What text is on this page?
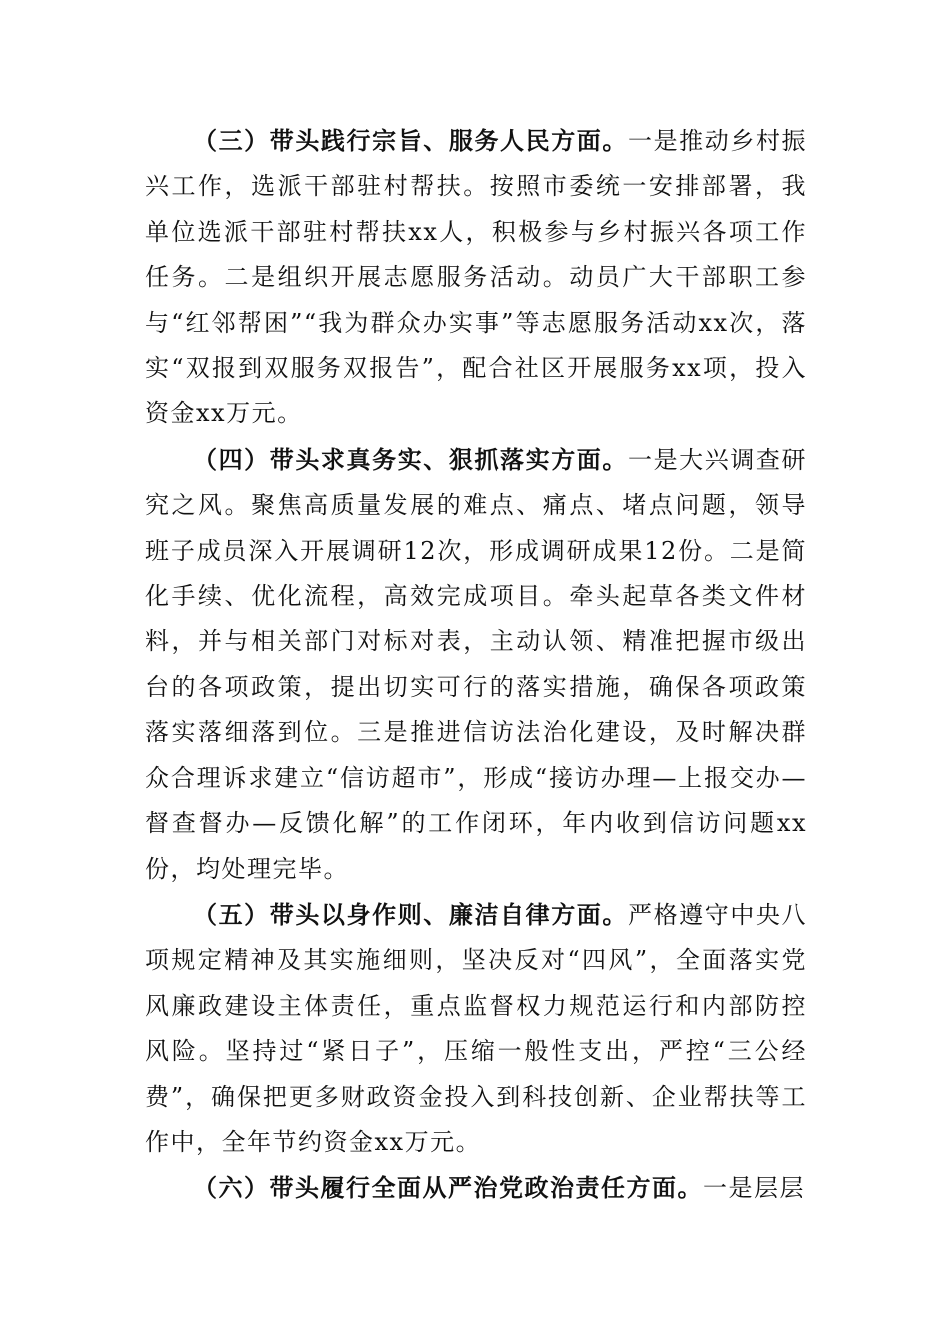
（三）带头践行宗旨、服务人民方面。一是推动乡村振兴工作，选派干部驻村帮扶。按照市委统一安排部署，我单位选派干部驻村帮扶xx人，积极参与乡村振兴各项工作任务。二是组织开展志愿服务活动。动员广大干部职工参与“红邻帮困”“我为群众办实事”等志愿服务活动xx次，落实“双报到双服务双报告”，配合社区开展服务xx项，投入资金xx万元。

（四）带头求真务实、狠抓落实方面。一是大兴调查研究之风。聚焦高质量发展的难点、痛点、堵点问题，领导班子成员深入开展调研12次，形成调研成果12份。二是简化手续、优化流程，高效完成项目。牵头起草各类文件材料，并与相关部门对标对表，主动认领、精准把握市级出台的各项政策，提出切实可行的落实措施，确保各项政策落实落细落到位。三是推进信访法治化建设，及时解决群众合理诉求建立“信访超市”，形成“接访办理—上报交办—督查督办—反馈化解”的工作闭环，年内收到信访问题xx份，均处理完毕。

（五）带头以身作则、廉洁自律方面。严格遵守中央八项规定精神及其实施细则，坚决反对“四风”，全面落实党风廉政建设主体责任，重点监督权力规范运行和内部防控风险。坚持过“紧日子”，压缩一般性支出，严控“三公经费”，确保把更多财政资金投入到科技创新、企业帮扶等工作中，全年节约资金xx万元。

（六）带头履行全面从严治党政治责任方面。一是层层
